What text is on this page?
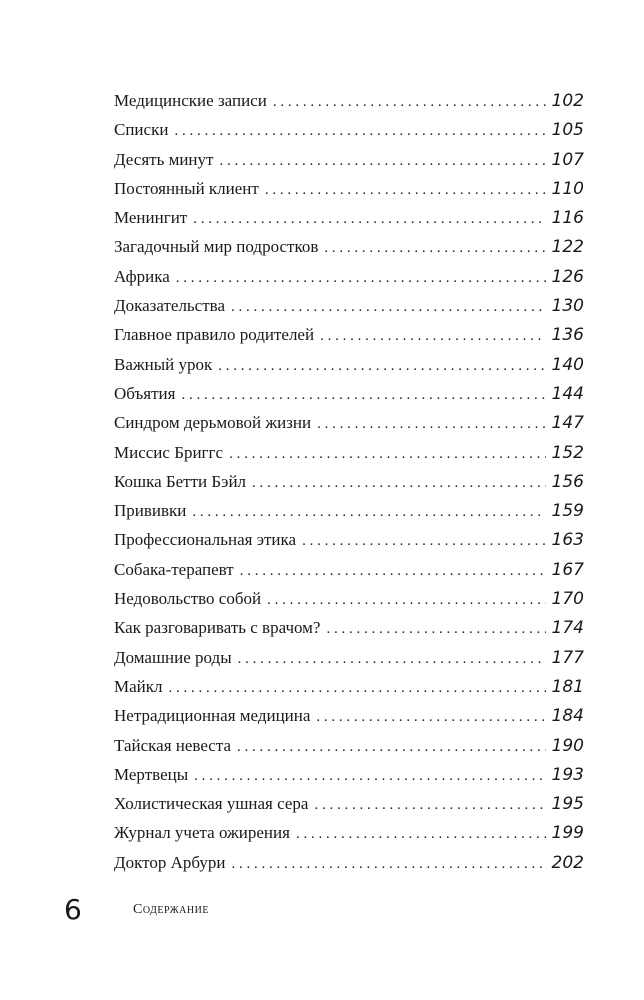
Медицинские записи . . .	102
Списки . . .	105
Десять минут . . .	107
Постоянный клиент . . .	110
Менингит . . .	116
Загадочный мир подростков . . .	122
Африка . . .	126
Доказательства . . .	130
Главное правило родителей . . .	136
Важный урок . . .	140
Объятия . . .	144
Синдром дерьмовой жизни . . .	147
Миссис Бриггс . . .	152
Кошка Бетти Бэйл . . .	156
Прививки . . .	159
Профессиональная этика . . .	163
Собака-терапевт . . .	167
Недовольство собой . . .	170
Как разговаривать с врачом? . . .	174
Домашние роды . . .	177
Майкл . . .	181
Нетрадиционная медицина . . .	184
Тайская невеста . . .	190
Мертвецы . . .	193
Холистическая ушная сера . . .	195
Журнал учета ожирения . . .	199
Доктор Арбури . . .	202
6	Содержание
